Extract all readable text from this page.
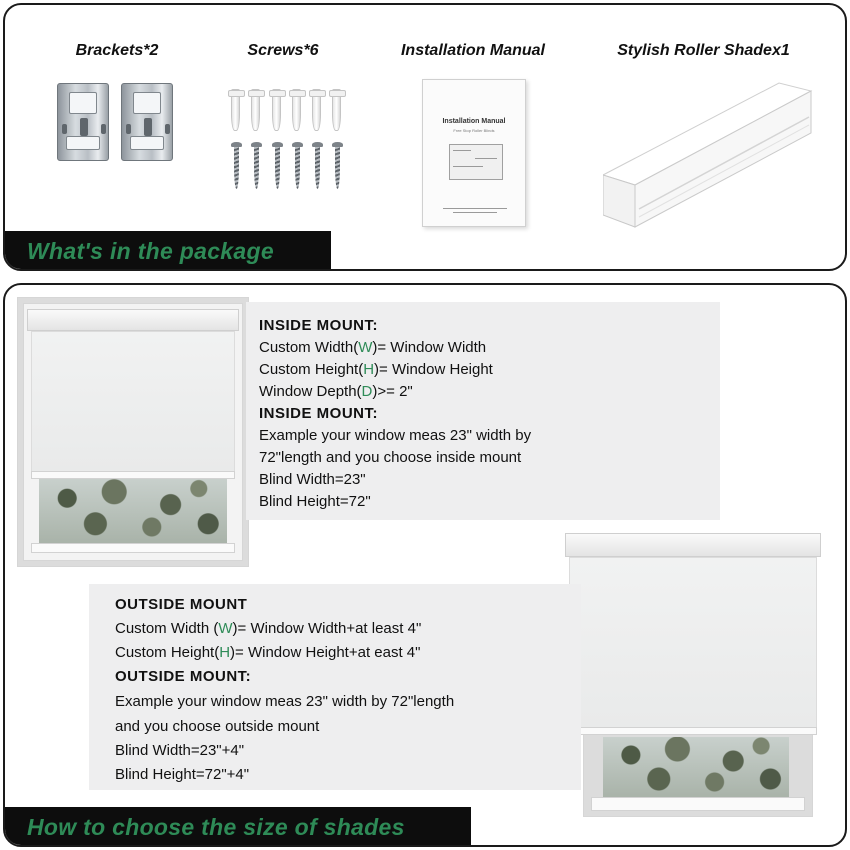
Brackets*2	Screws*6	Installation Manual	Stylish Roller Shadex1
Installation Manual
Free Stop Roller Blinds
What's in the package
INSIDE MOUNT:
Custom Width(W)= Window Width
Custom Height(H)= Window Height
Window Depth(D)>= 2"
INSIDE MOUNT:
Example your window meas 23" width by
72"length and you choose inside mount
Blind Width=23"
Blind Height=72"
OUTSIDE MOUNT
Custom Width (W)= Window Width+at least 4"
Custom Height(H)= Window Height+at east 4"
OUTSIDE MOUNT:
Example your window meas 23" width by 72"length
and you choose outside mount
Blind Width=23"+4"
Blind Height=72"+4"
How to choose the size of shades
